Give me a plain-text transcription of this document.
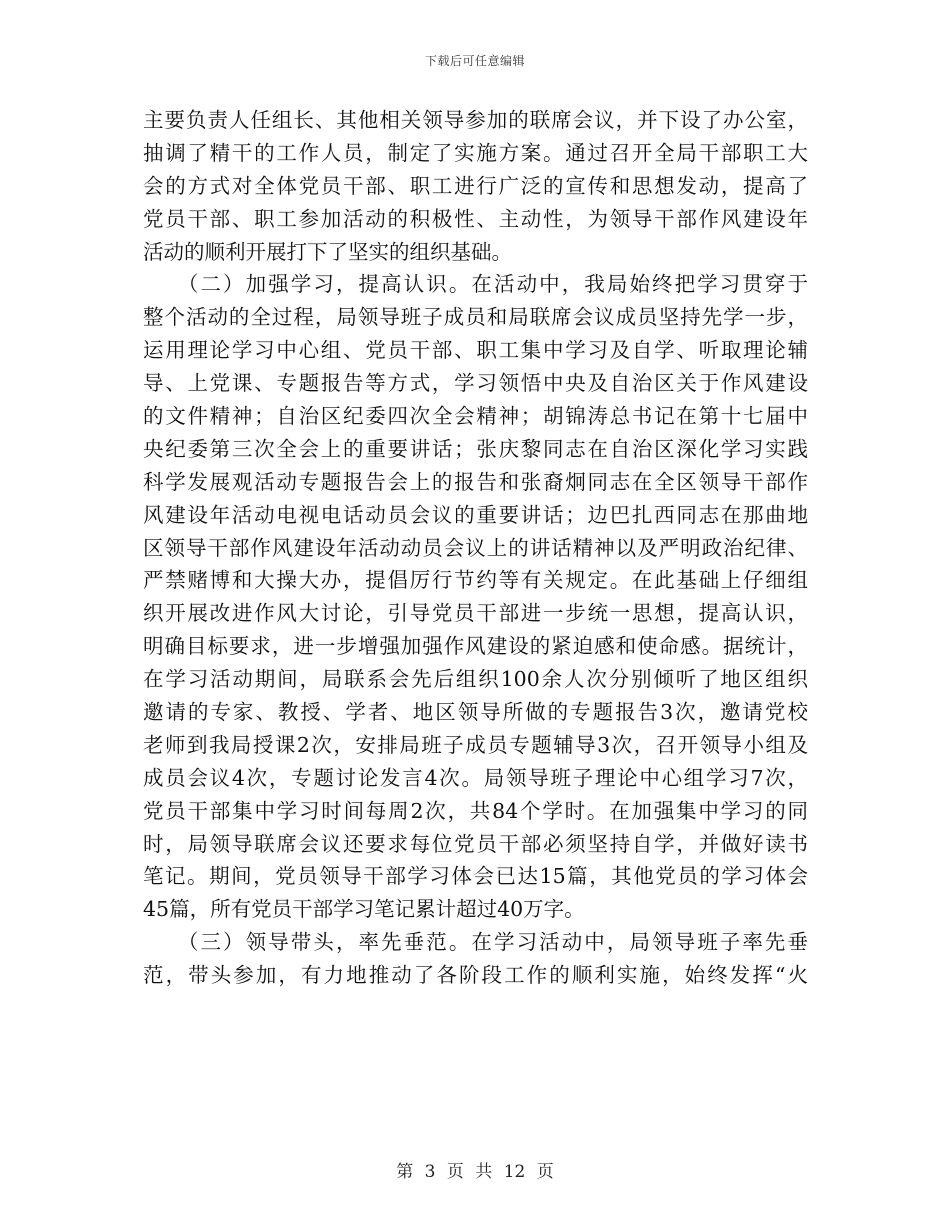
下载后可任意编辑
主要负责人任组长、其他相关领导参加的联席会议，并下设了办公室，
抽调了精干的工作人员，制定了实施方案。通过召开全局干部职工大
会的方式对全体党员干部、职工进行广泛的宣传和思想发动，提高了
党员干部、职工参加活动的积极性、主动性，为领导干部作风建设年
活动的顺利开展打下了坚实的组织基础。
　　（二）加强学习，提高认识。在活动中，我局始终把学习贯穿于
整个活动的全过程，局领导班子成员和局联席会议成员坚持先学一步，
运用理论学习中心组、党员干部、职工集中学习及自学、听取理论辅
导、上党课、专题报告等方式，学习领悟中央及自治区关于作风建设
的文件精神；自治区纪委四次全会精神；胡锦涛总书记在第十七届中
央纪委第三次全会上的重要讲话；张庆黎同志在自治区深化学习实践
科学发展观活动专题报告会上的报告和张裔炯同志在全区领导干部作
风建设年活动电视电话动员会议的重要讲话；边巴扎西同志在那曲地
区领导干部作风建设年活动动员会议上的讲话精神以及严明政治纪律、
严禁赌博和大操大办，提倡厉行节约等有关规定。在此基础上仔细组
织开展改进作风大讨论，引导党员干部进一步统一思想，提高认识，
明确目标要求，进一步增强加强作风建设的紧迫感和使命感。据统计，
在学习活动期间，局联系会先后组织100余人次分别倾听了地区组织
邀请的专家、教授、学者、地区领导所做的专题报告3次，邀请党校
老师到我局授课2次，安排局班子成员专题辅导3次，召开领导小组及
成员会议4次，专题讨论发言4次。局领导班子理论中心组学习7次，
党员干部集中学习时间每周2次，共84个学时。在加强集中学习的同
时，局领导联席会议还要求每位党员干部必须坚持自学，并做好读书
笔记。期间，党员领导干部学习体会已达15篇，其他党员的学习体会
45篇，所有党员干部学习笔记累计超过40万字。
　　（三）领导带头，率先垂范。在学习活动中，局领导班子率先垂
范，带头参加，有力地推动了各阶段工作的顺利实施，始终发挥“火
第 3 页 共 12 页
